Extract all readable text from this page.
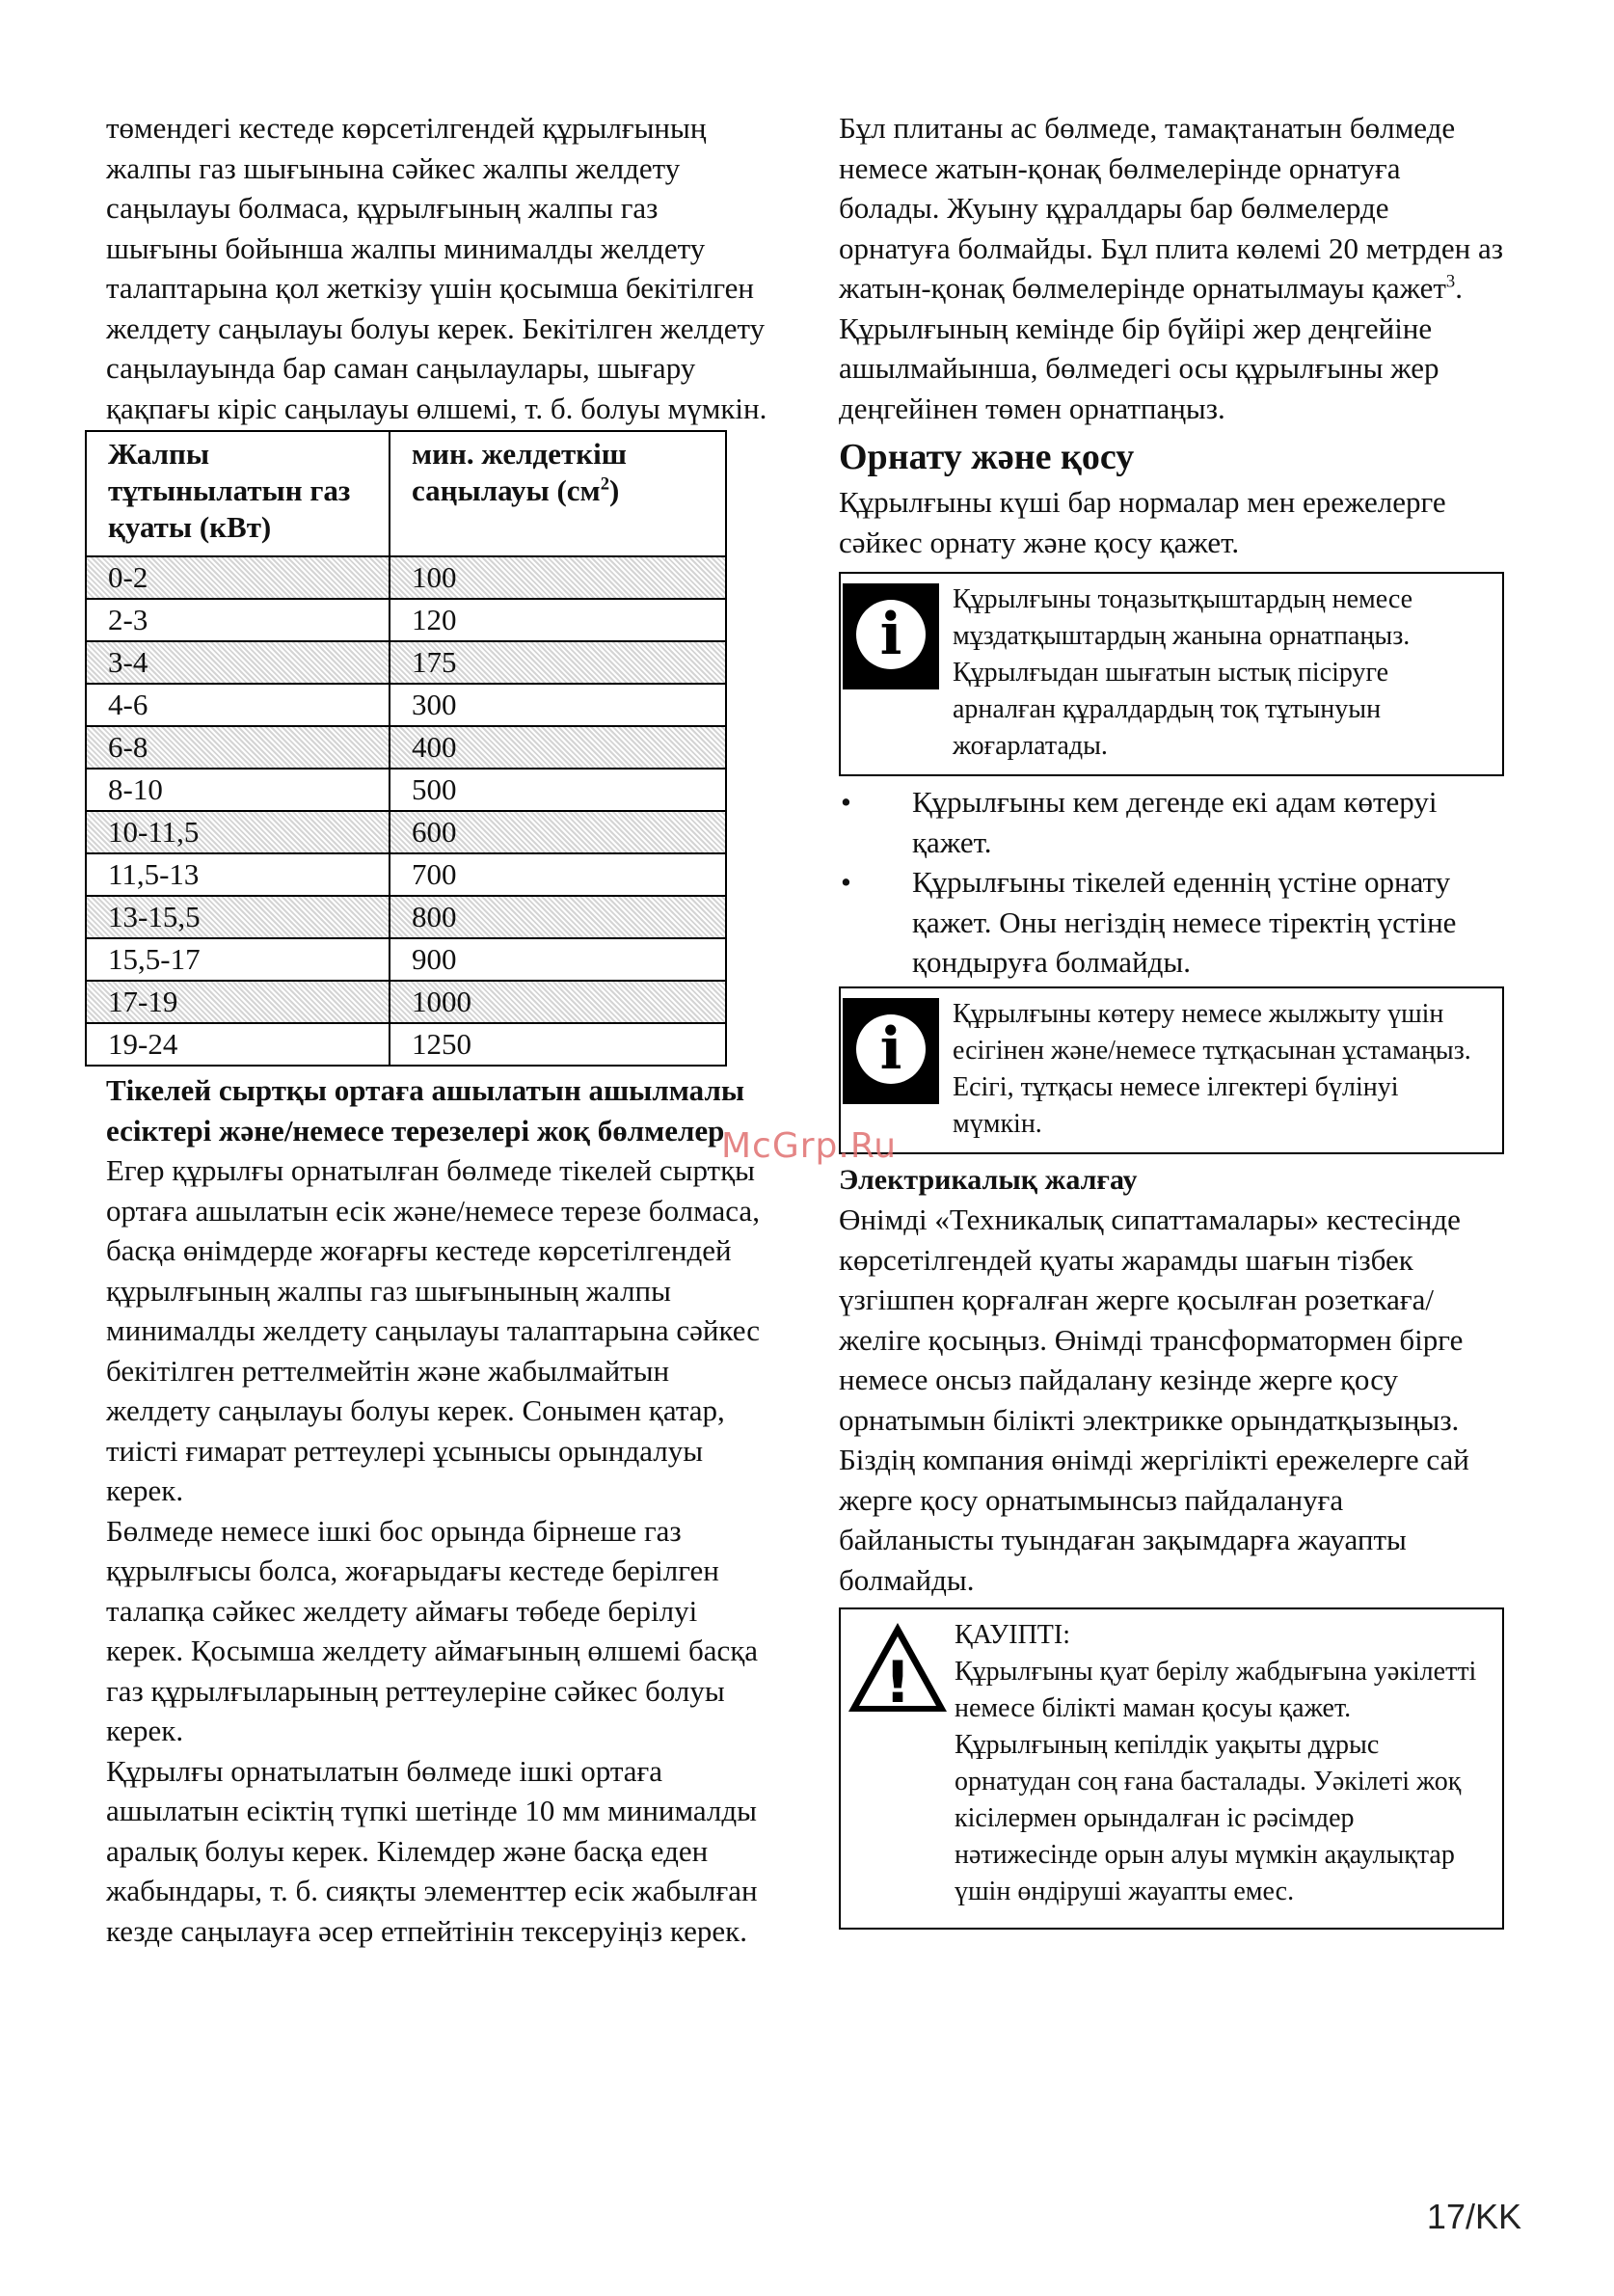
төмендегі кестеде көрсетілгендей құрылғының жалпы газ шығынына сәйкес жалпы желдету саңылауы болмаса, құрылғының жалпы газ шығыны бойынша жалпы минималды желдету талаптарына қол жеткізу үшін қосымша бекітілген желдету саңылауы болуы керек. Бекітілген желдету саңылауында бар саман саңылаулары, шығару қақпағы кіріс саңылауы өлшемі, т. б. болуы мүмкін.

Жалпы тұтынылатын газ қуаты (кВт)	мин. желдеткіш саңылауы $(см^2)$
0-2	100
2-3	120
3-4	175
4-6	300
6-8	400
8-10	500
10-11,5	600
11,5-13	700
13-15,5	800
15,5-17	900
17-19	1000
19-24	1250

Тікелей сыртқы ортаға ашылатын ашылмалы есіктері және/немесе терезелері жоқ бөлмелер

Егер құрылғы орнатылған бөлмеде тікелей сыртқы ортаға ашылатын есік және/немесе терезе болмаса, басқа өнімдерде жоғарғы кестеде көрсетілгендей құрылғының жалпы газ шығынының жалпы минималды желдету саңылауы талаптарына сәйкес бекітілген реттелмейтін және жабылмайтын желдету саңылауы болуы керек. Сонымен қатар, тиісті ғимарат реттеулері ұсынысы орындалуы керек.

Бөлмеде немесе ішкі бос орында бірнеше газ құрылғысы болса, жоғарыдағы кестеде берілген талапқа сәйкес желдету аймағы төбеде берілуі керек. Қосымша желдету аймағының өлшемі басқа газ құрылғыларының реттеулеріне сәйкес болуы керек.

Құрылғы орнатылатын бөлмеде ішкі ортаға ашылатын есіктің түпкі шетінде 10 мм минималды аралық болуы керек. Кілемдер және басқа еден жабындары, т. б. сияқты элементтер есік жабылған кезде саңылауға әсер етпейтінін тексеруіңіз керек.

Бұл плитаны ас бөлмеде, тамақтанатын бөлмеде немесе жатын-қонақ бөлмелерінде орнатуға болады. Жуыну құралдары бар бөлмелерде орнатуға болмайды. Бұл плита көлемі 20 метрден аз жатын-қонақ бөлмелерінде орнатылмауы қажет$^3$. Құрылғының кемінде бір бүйірі жер деңгейіне ашылмайынша, бөлмедегі осы құрылғыны жер деңгейінен төмен орнатпаңыз.

Орнату және қосу

Құрылғыны күші бар нормалар мен ережелерге сәйкес орнату және қосу қажет.

i

Құрылғыны тоңазытқыштардың немесе мұздатқыштардың жанына орнатпаңыз. Құрылғыдан шығатын ыстық пісіруге арналған құралдардың тоқ тұтынуын жоғарлатады.

• Құрылғыны кем дегенде екі адам көтеруі қажет.
• Құрылғыны тікелей еденнің үстіне орнату қажет. Оны негіздің немесе тіректің үстіне қондыруға болмайды.
i

Құрылғыны көтеру немесе жылжыту үшін есігінен және/немесе тұтқасынан ұстамаңыз. Есігі, тұтқасы немесе ілгектері бүлінуі мүмкін.

Электрикалық жалғау

Өнімді «Техникалық сипаттамалары» кестесінде көрсетілгендей қуаты жарамды шағын тізбек үзгішпен қорғалған жерге қосылған розеткаға/желіге қосыңыз. Өнімді трансформатормен бірге немесе онсыз пайдалану кезінде жерге қосу орнатымын білікті электрикке орындатқызыңыз. Біздің компания өнімді жергілікті ережелерге сай жерге қосу орнатымынсыз пайдалануға байланысты туындаған зақымдарға жауапты болмайды.

!

ҚАУІПТІ:

Құрылғыны қуат берілу жабдығына уәкілетті немесе білікті маман қосуы қажет. Құрылғының кепілдік уақыты дұрыс орнатудан соң ғана басталады. Уәкілеті жоқ кісілермен орындалған іс рәсімдер нәтижесінде орын алуы мүмкін ақаулықтар үшін өндіруші жауапты емес.

McGrp.Ru
17/KK
